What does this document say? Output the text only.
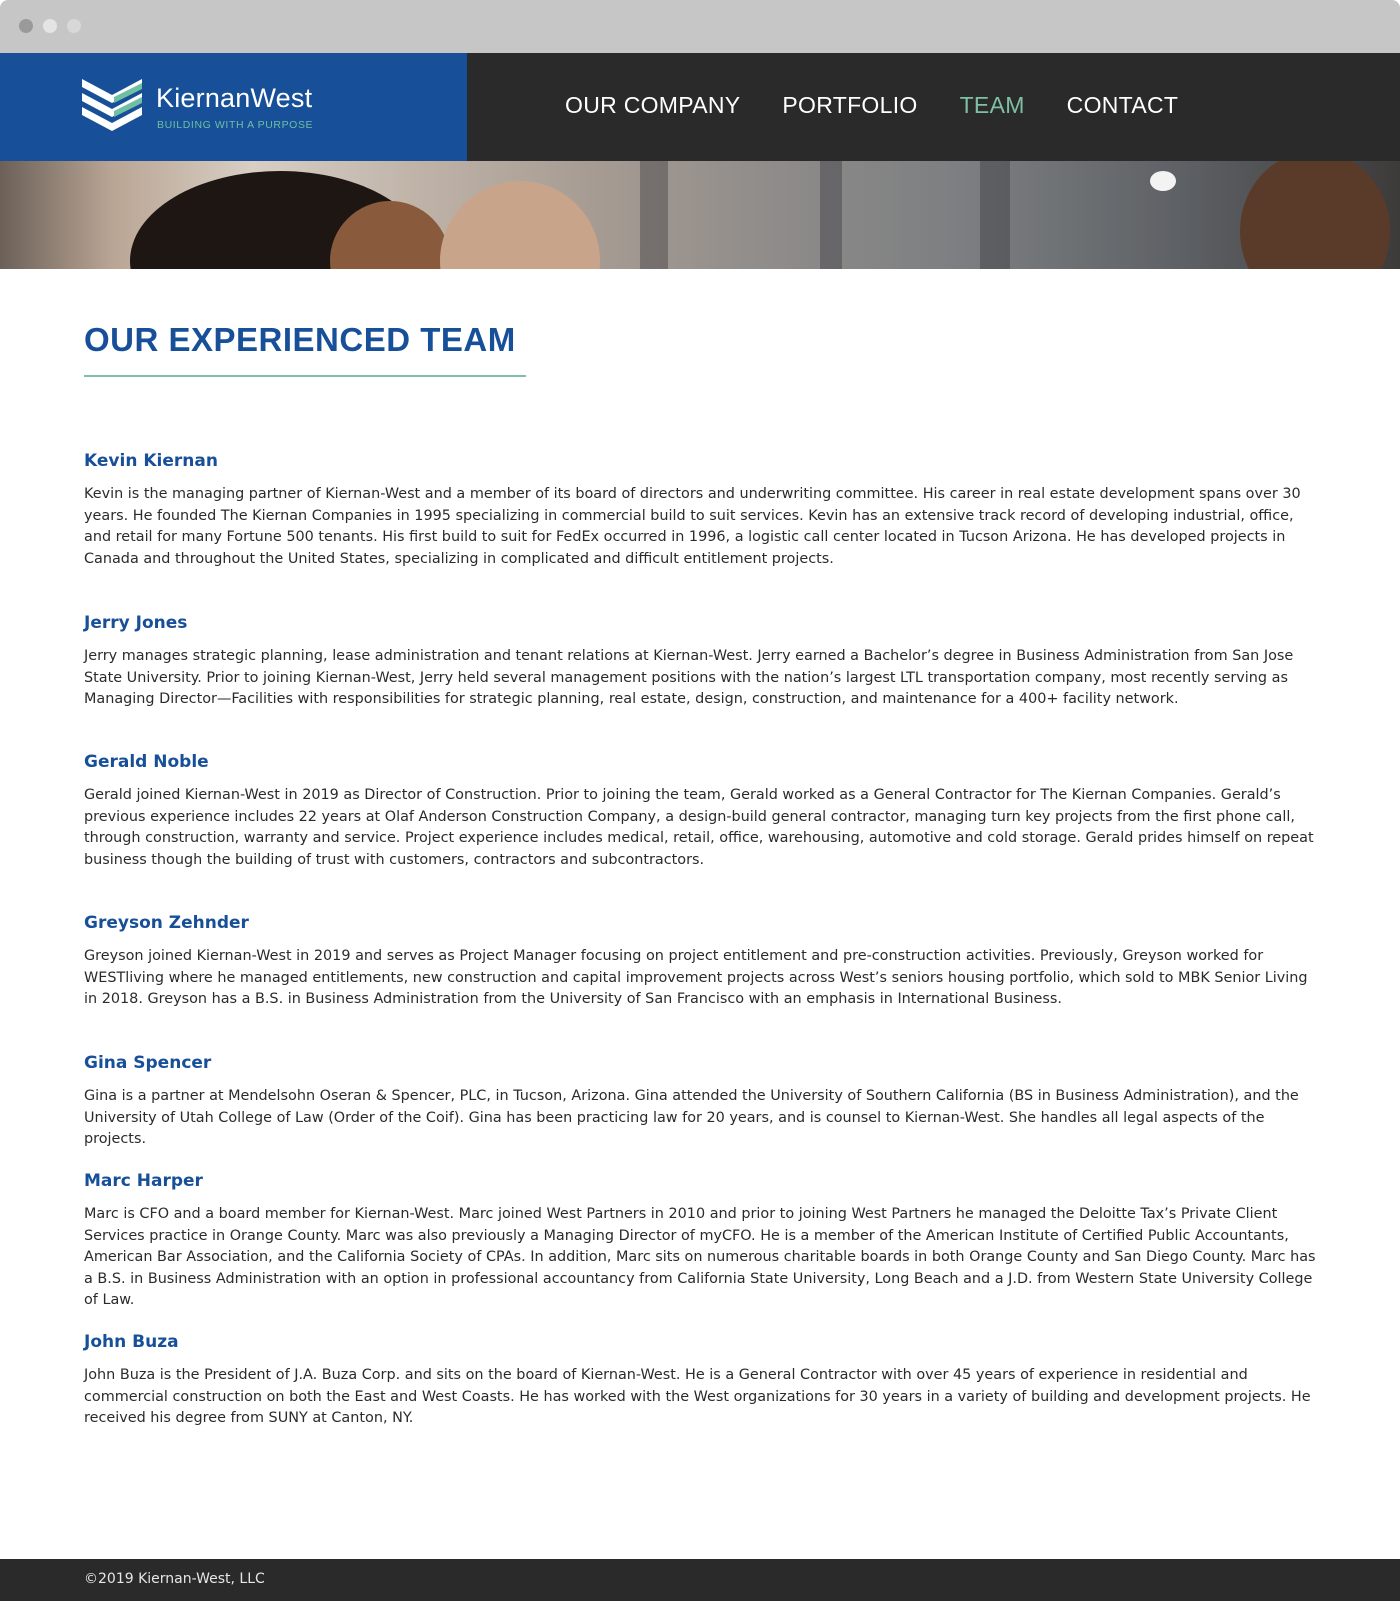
KiernanWest
BUILDING WITH A PURPOSE
OUR COMPANY PORTFOLIO TEAM CONTACT
OUR EXPERIENCED TEAM
Kevin Kiernan

Kevin is the managing partner of Kiernan-West and a member of its board of directors and underwriting committee. His career in real estate development spans over 30 years. He founded The Kiernan Companies in 1995 specializing in commercial build to suit services. Kevin has an extensive track record of developing industrial, office, and retail for many Fortune 500 tenants. His first build to suit for FedEx occurred in 1996, a logistic call center located in Tucson Arizona. He has developed projects in Canada and throughout the United States, specializing in complicated and difficult entitlement projects.

Jerry Jones

Jerry manages strategic planning, lease administration and tenant relations at Kiernan-West. Jerry earned a Bachelor’s degree in Business Administration from San Jose State University. Prior to joining Kiernan-West, Jerry held several management positions with the nation’s largest LTL transportation company, most recently serving as Managing Director—Facilities with responsibilities for strategic planning, real estate, design, construction, and maintenance for a 400+ facility network.

Gerald Noble

Gerald joined Kiernan-West in 2019 as Director of Construction. Prior to joining the team, Gerald worked as a General Contractor for The Kiernan Companies. Gerald’s previous experience includes 22 years at Olaf Anderson Construction Company, a design-build general contractor, managing turn key projects from the first phone call, through construction, warranty and service. Project experience includes medical, retail, office, warehousing, automotive and cold storage. Gerald prides himself on repeat business though the building of trust with customers, contractors and subcontractors.

Greyson Zehnder

Greyson joined Kiernan-West in 2019 and serves as Project Manager focusing on project entitlement and pre-construction activities. Previously, Greyson worked for WESTliving where he managed entitlements, new construction and capital improvement projects across West’s seniors housing portfolio, which sold to MBK Senior Living in 2018. Greyson has a B.S. in Business Administration from the University of San Francisco with an emphasis in International Business.

Gina Spencer

Gina is a partner at Mendelsohn Oseran & Spencer, PLC, in Tucson, Arizona. Gina attended the University of Southern California (BS in Business Administration), and the University of Utah College of Law (Order of the Coif). Gina has been practicing law for 20 years, and is counsel to Kiernan-West. She handles all legal aspects of the projects.

Marc Harper

Marc is CFO and a board member for Kiernan-West. Marc joined West Partners in 2010 and prior to joining West Partners he managed the Deloitte Tax’s Private Client Services practice in Orange County. Marc was also previously a Managing Director of myCFO. He is a member of the American Institute of Certified Public Accountants, American Bar Association, and the California Society of CPAs. In addition, Marc sits on numerous charitable boards in both Orange County and San Diego County. Marc has a B.S. in Business Administration with an option in professional accountancy from California State University, Long Beach and a J.D. from Western State University College of Law.

John Buza

John Buza is the President of J.A. Buza Corp. and sits on the board of Kiernan-West. He is a General Contractor with over 45 years of experience in residential and commercial construction on both the East and West Coasts. He has worked with the West organizations for 30 years in a variety of building and development projects. He received his degree from SUNY at Canton, NY.

©2019 Kiernan-West, LLC
